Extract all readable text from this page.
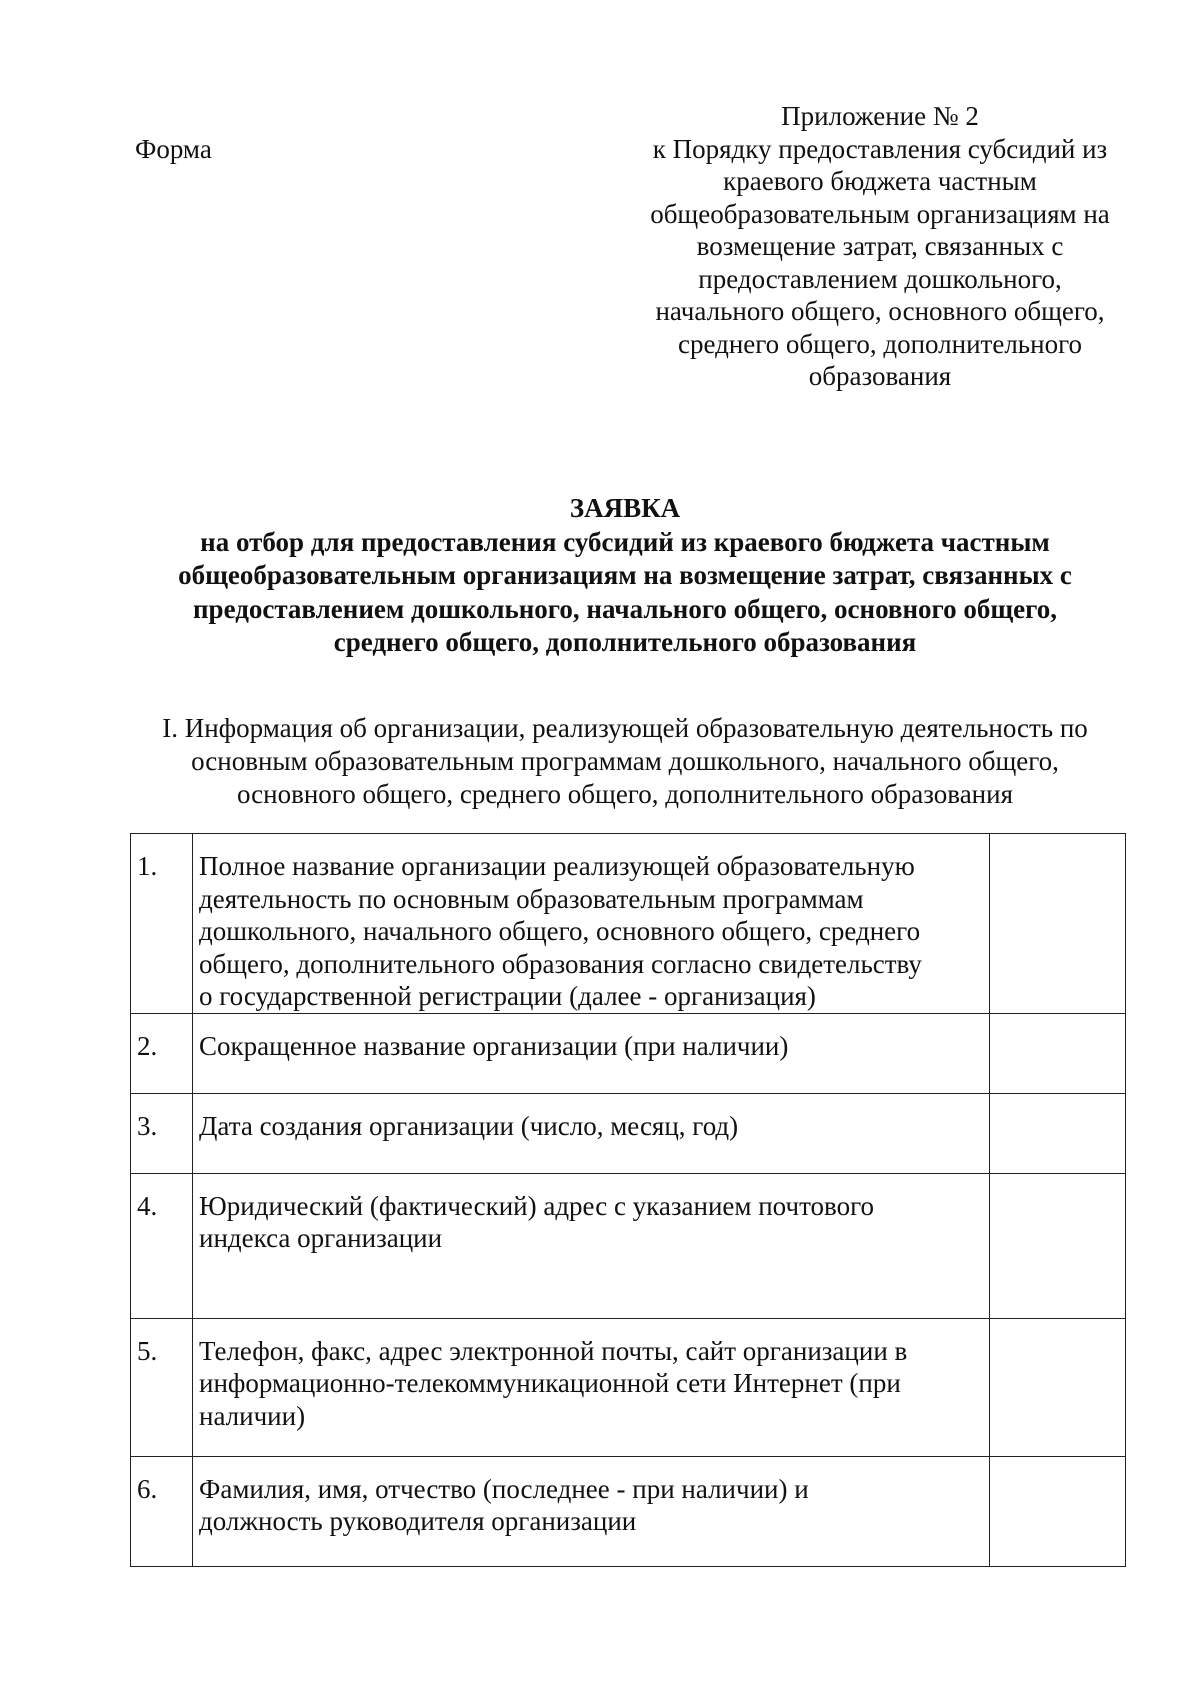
Форма
Приложение № 2
к Порядку предоставления субсидий из
краевого бюджета частным
общеобразовательным организациям на
возмещение затрат, связанных с
предоставлением дошкольного,
начального общего, основного общего,
среднего общего, дополнительного
образования
ЗАЯВКА
на отбор для предоставления субсидий из краевого бюджета частным
общеобразовательным организациям на возмещение затрат, связанных с
предоставлением дошкольного, начального общего, основного общего,
среднего общего, дополнительного образования
I. Информация об организации, реализующей образовательную деятельность по
основным образовательным программам дошкольного, начального общего,
основного общего, среднего общего, дополнительного образования
1.	Полное название организации реализующей образовательную
деятельность по основным образовательным программам
дошкольного, начального общего, основного общего, среднего
общего, дополнительного образования согласно свидетельству
о государственной регистрации (далее - организация)	

2.	Сокращенное название организации (при наличии)	

3.	Дата создания организации (число, месяц, год)	

4.	Юридический (фактический) адрес с указанием почтового
индекса организации	

5.	Телефон, факс, адрес электронной почты, сайт организации в
информационно-телекоммуникационной сети Интернет (при
наличии)	

6.	Фамилия, имя, отчество (последнее - при наличии) и
должность руководителя организации	
